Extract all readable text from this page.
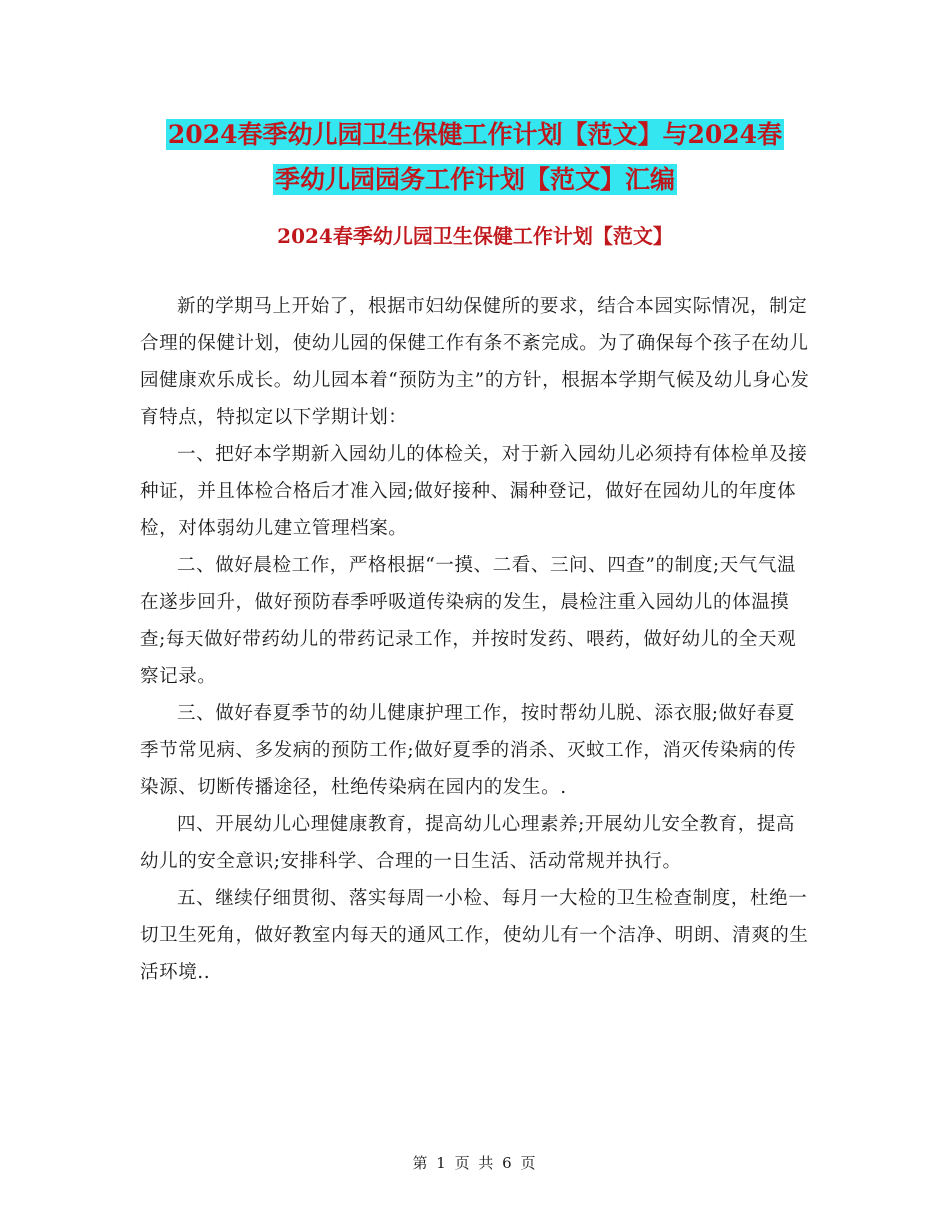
2024春季幼儿园卫生保健工作计划【范文】与2024春
季幼儿园园务工作计划【范文】汇编
2024春季幼儿园卫生保健工作计划【范文】

新的学期马上开始了，根据市妇幼保健所的要求，结合本园实际情况，制定合理的保健计划，使幼儿园的保健工作有条不紊完成。为了确保每个孩子在幼儿园健康欢乐成长。幼儿园本着“预防为主”的方针，根据本学期气候及幼儿身心发育特点，特拟定以下学期计划：

一、把好本学期新入园幼儿的体检关，对于新入园幼儿必须持有体检单及接种证，并且体检合格后才准入园;做好接种、漏种登记，做好在园幼儿的年度体检，对体弱幼儿建立管理档案。

二、做好晨检工作，严格根据“一摸、二看、三问、四查”的制度;天气气温在遂步回升，做好预防春季呼吸道传染病的发生，晨检注重入园幼儿的体温摸查;每天做好带药幼儿的带药记录工作，并按时发药、喂药，做好幼儿的全天观察记录。

三、做好春夏季节的幼儿健康护理工作，按时帮幼儿脱、添衣服;做好春夏季节常见病、多发病的预防工作;做好夏季的消杀、灭蚊工作，消灭传染病的传染源、切断传播途径，杜绝传染病在园内的发生。.

四、开展幼儿心理健康教育，提高幼儿心理素养;开展幼儿安全教育，提高幼儿的安全意识;安排科学、合理的一日生活、活动常规并执行。

五、继续仔细贯彻、落实每周一小检、每月一大检的卫生检查制度，杜绝一切卫生死角，做好教室内每天的通风工作，使幼儿有一个洁净、明朗、清爽的生活环境..

第 1 页 共 6 页
